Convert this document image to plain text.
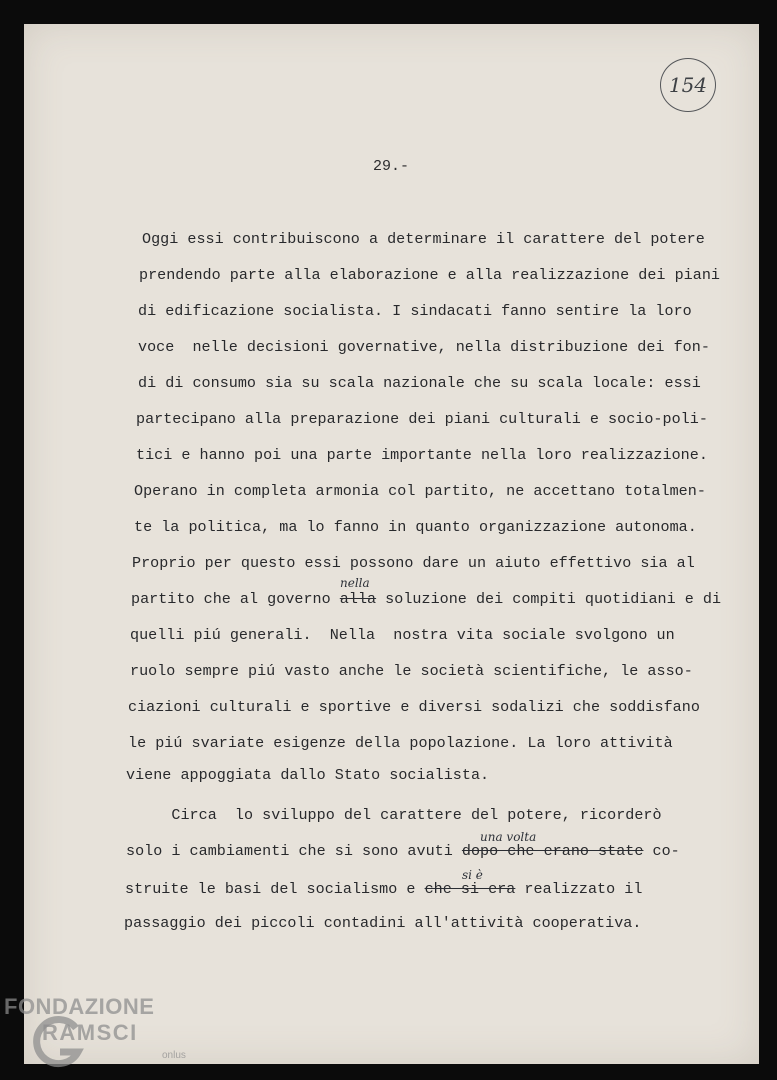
154
29.-
Oggi essi contribuiscono a determinare il carattere del potere
prendendo parte alla elaborazione e alla realizzazione dei piani
di edificazione socialista. I sindacati fanno sentire la loro
voce  nelle decisioni governative, nella distribuzione dei fon-
di di consumo sia su scala nazionale che su scala locale: essi
partecipano alla preparazione dei piani culturali e socio-poli-
tici e hanno poi una parte importante nella loro realizzazione.
Operano in completa armonia col partito, ne accettano totalmen-
te la politica, ma lo fanno in quanto organizzazione autonoma.
Proprio per questo essi possono dare un aiuto effettivo sia al
nella
partito che al governo alla soluzione dei compiti quotidiani e di
quelli piú generali.  Nella  nostra vita sociale svolgono un
ruolo sempre piú vasto anche le società scientifiche, le asso-
ciazioni culturali e sportive e diversi sodalizi che soddisfano
le piú svariate esigenze della popolazione. La loro attività
viene appoggiata dallo Stato socialista.
Circa  lo sviluppo del carattere del potere, ricorderò
una volta
solo i cambiamenti che si sono avuti dopo che erano state co-
si è
struite le basi del socialismo e che si era realizzato il
passaggio dei piccoli contadini all'attività cooperativa.
FONDAZIONE
RAMSCI
onlus
